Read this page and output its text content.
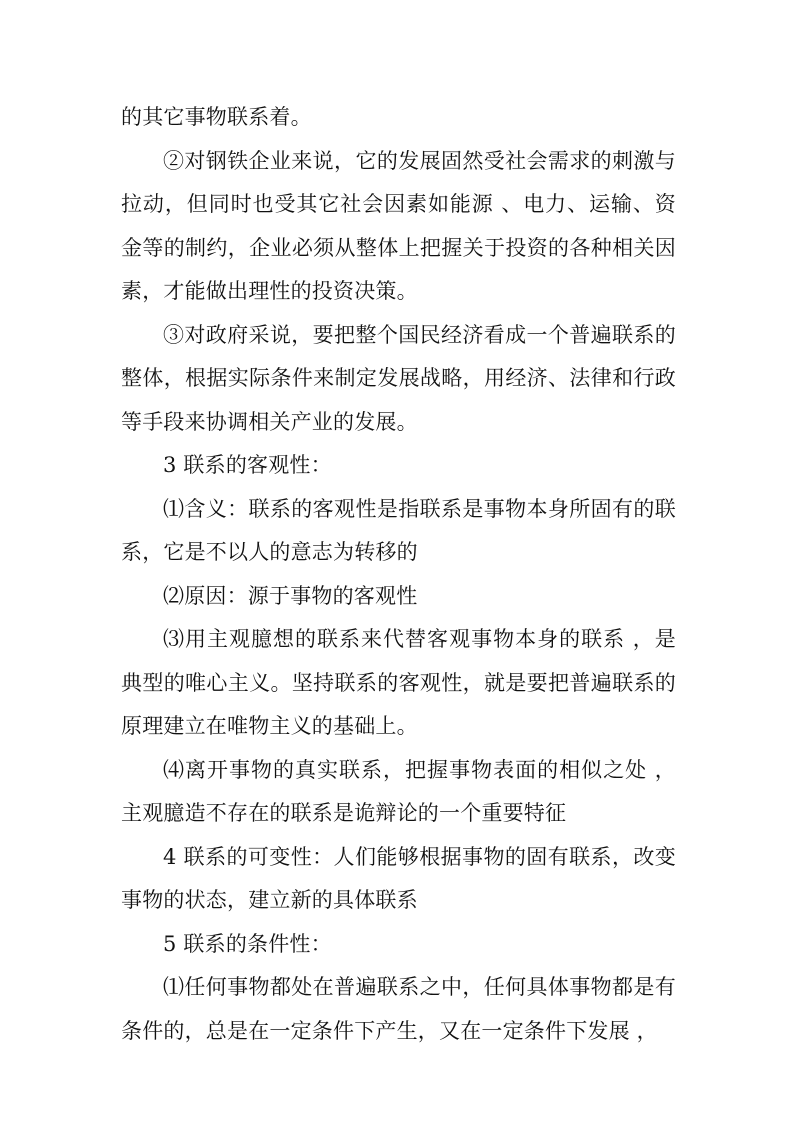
的其它事物联系着。

②对钢铁企业来说，它的发展固然受社会需求的刺激与拉动，但同时也受其它社会因素如能源 、电力、运输、资金等的制约，企业必须从整体上把握关于投资的各种相关因素，才能做出理性的投资决策。

③对政府采说，要把整个国民经济看成一个普遍联系的整体，根据实际条件来制定发展战略，用经济、法律和行政等手段来协调相关产业的发展。

3 联系的客观性：

⑴含义：联系的客观性是指联系是事物本身所固有的联系，它是不以人的意志为转移的

⑵原因：源于事物的客观性

⑶用主观臆想的联系来代替客观事物本身的联系 ，是典型的唯心主义。坚持联系的客观性，就是要把普遍联系的原理建立在唯物主义的基础上。

⑷离开事物的真实联系，把握事物表面的相似之处 ，主观臆造不存在的联系是诡辩论的一个重要特征

4 联系的可变性：人们能够根据事物的固有联系，改变事物的状态，建立新的具体联系

5 联系的条件性：

⑴任何事物都处在普遍联系之中，任何具体事物都是有条件的，总是在一定条件下产生，又在一定条件下发展 ，
